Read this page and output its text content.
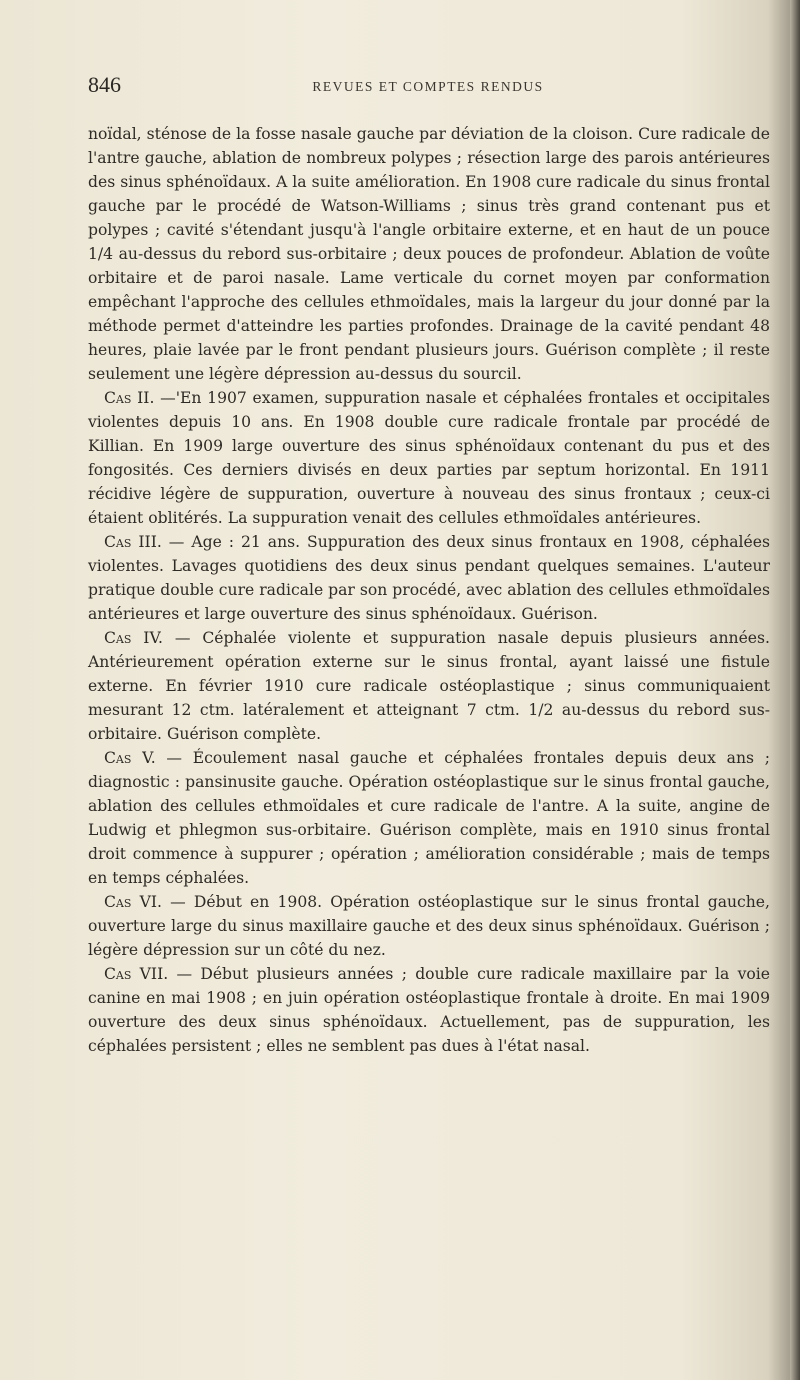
846	REVUES ET COMPTES RENDUS

noïdal, sténose de la fosse nasale gauche par déviation de la cloison. Cure radicale de l'antre gauche, ablation de nombreux polypes ; résection large des parois antérieures des sinus sphénoïdaux. A la suite amélioration. En 1908 cure radicale du sinus frontal gauche par le procédé de Watson-Williams ; sinus très grand contenant pus et polypes ; cavité s'étendant jusqu'à l'angle orbitaire externe, et en haut de un pouce 1/4 au-dessus du rebord sus-orbitaire ; deux pouces de profondeur. Ablation de voûte orbitaire et de paroi nasale. Lame verticale du cornet moyen par conformation empêchant l'approche des cellules ethmoïdales, mais la largeur du jour donné par la méthode permet d'atteindre les parties profondes. Drainage de la cavité pendant 48 heures, plaie lavée par le front pendant plusieurs jours. Guérison complète ; il reste seulement une légère dépression au-dessus du sourcil.

Cas II. —'En 1907 examen, suppuration nasale et céphalées frontales et occipitales violentes depuis 10 ans. En 1908 double cure radicale frontale par procédé de Killian. En 1909 large ouverture des sinus sphénoïdaux contenant du pus et des fongosités. Ces derniers divisés en deux parties par septum horizontal. En 1911 récidive légère de suppuration, ouverture à nouveau des sinus frontaux ; ceux-ci étaient oblitérés. La suppuration venait des cellules ethmoïdales antérieures.

Cas III. — Age : 21 ans. Suppuration des deux sinus frontaux en 1908, céphalées violentes. Lavages quotidiens des deux sinus pendant quelques semaines. L'auteur pratique double cure radicale par son procédé, avec ablation des cellules ethmoïdales antérieures et large ouverture des sinus sphénoïdaux. Guérison.

Cas IV. — Céphalée violente et suppuration nasale depuis plusieurs années. Antérieurement opération externe sur le sinus frontal, ayant laissé une fistule externe. En février 1910 cure radicale ostéoplastique ; sinus communiquaient mesurant 12 ctm. latéralement et atteignant 7 ctm. 1/2 au-dessus du rebord sus-orbitaire. Guérison complète.

Cas V. — Écoulement nasal gauche et céphalées frontales depuis deux ans ; diagnostic : pansinusite gauche. Opération ostéoplastique sur le sinus frontal gauche, ablation des cellules ethmoïdales et cure radicale de l'antre. A la suite, angine de Ludwig et phlegmon sus-orbitaire. Guérison complète, mais en 1910 sinus frontal droit commence à suppurer ; opération ; amélioration considérable ; mais de temps en temps céphalées.

Cas VI. — Début en 1908. Opération ostéoplastique sur le sinus frontal gauche, ouverture large du sinus maxillaire gauche et des deux sinus sphénoïdaux. Guérison ; légère dépression sur un côté du nez.

Cas VII. — Début plusieurs années ; double cure radicale maxillaire par la voie canine en mai 1908 ; en juin opération ostéoplastique frontale à droite. En mai 1909 ouverture des deux sinus sphénoïdaux. Actuellement, pas de suppuration, les céphalées persistent ; elles ne semblent pas dues à l'état nasal.
